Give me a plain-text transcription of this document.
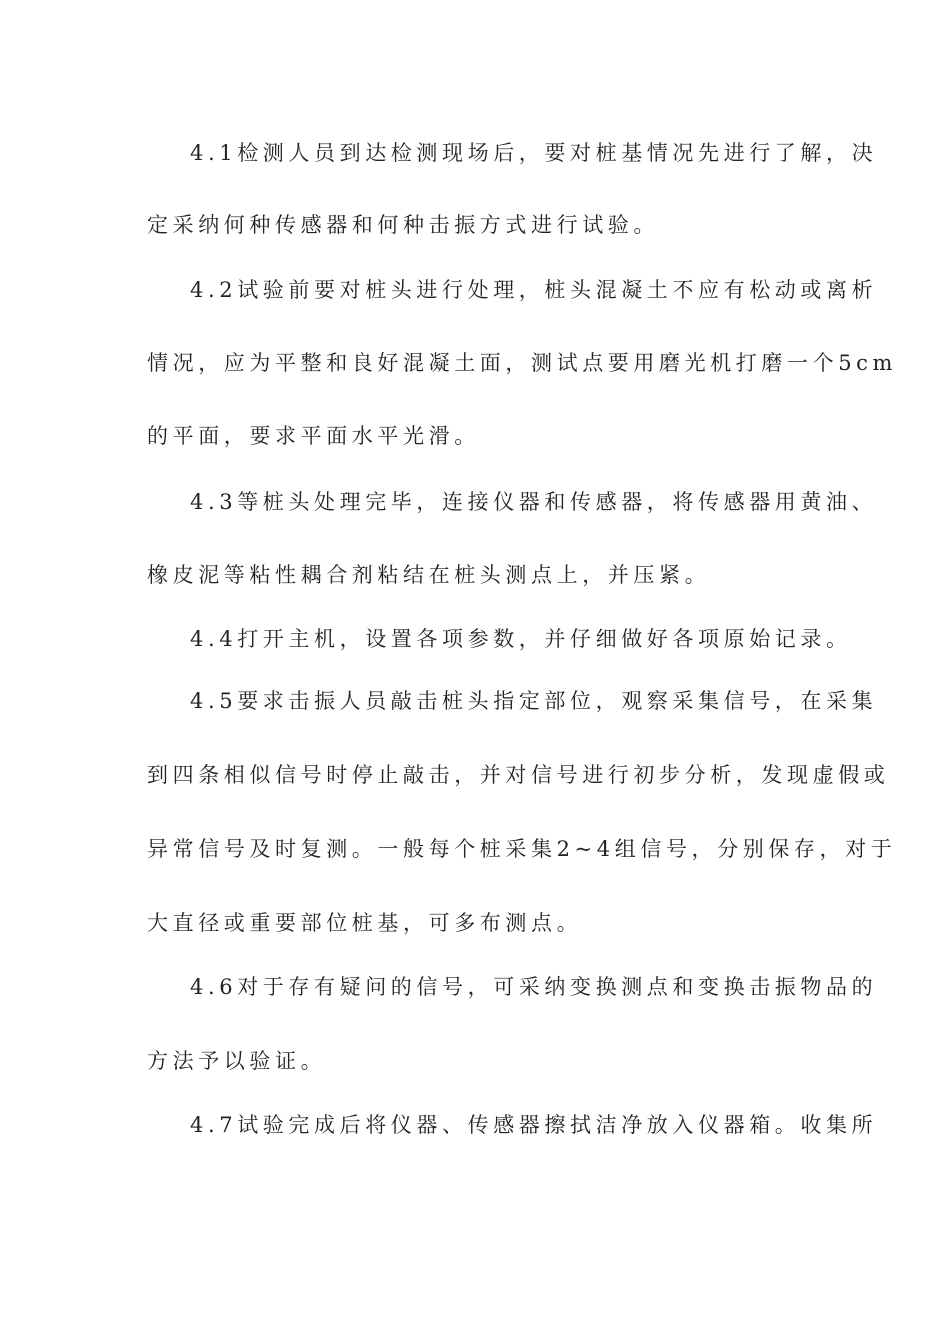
4.1检测人员到达检测现场后，要对桩基情况先进行了解，决
定采纳何种传感器和何种击振方式进行试验。
4.2试验前要对桩头进行处理，桩头混凝土不应有松动或离析
情况，应为平整和良好混凝土面，测试点要用磨光机打磨一个5cm
的平面，要求平面水平光滑。
4.3等桩头处理完毕，连接仪器和传感器，将传感器用黄油、
橡皮泥等粘性耦合剂粘结在桩头测点上，并压紧。
4.4打开主机，设置各项参数，并仔细做好各项原始记录。
4.5要求击振人员敲击桩头指定部位，观察采集信号，在采集
到四条相似信号时停止敲击，并对信号进行初步分析，发现虚假或
异常信号及时复测。一般每个桩采集2~4组信号，分别保存，对于
大直径或重要部位桩基，可多布测点。
4.6对于存有疑问的信号，可采纳变换测点和变换击振物品的
方法予以验证。
4.7试验完成后将仪器、传感器擦拭洁净放入仪器箱。收集所
